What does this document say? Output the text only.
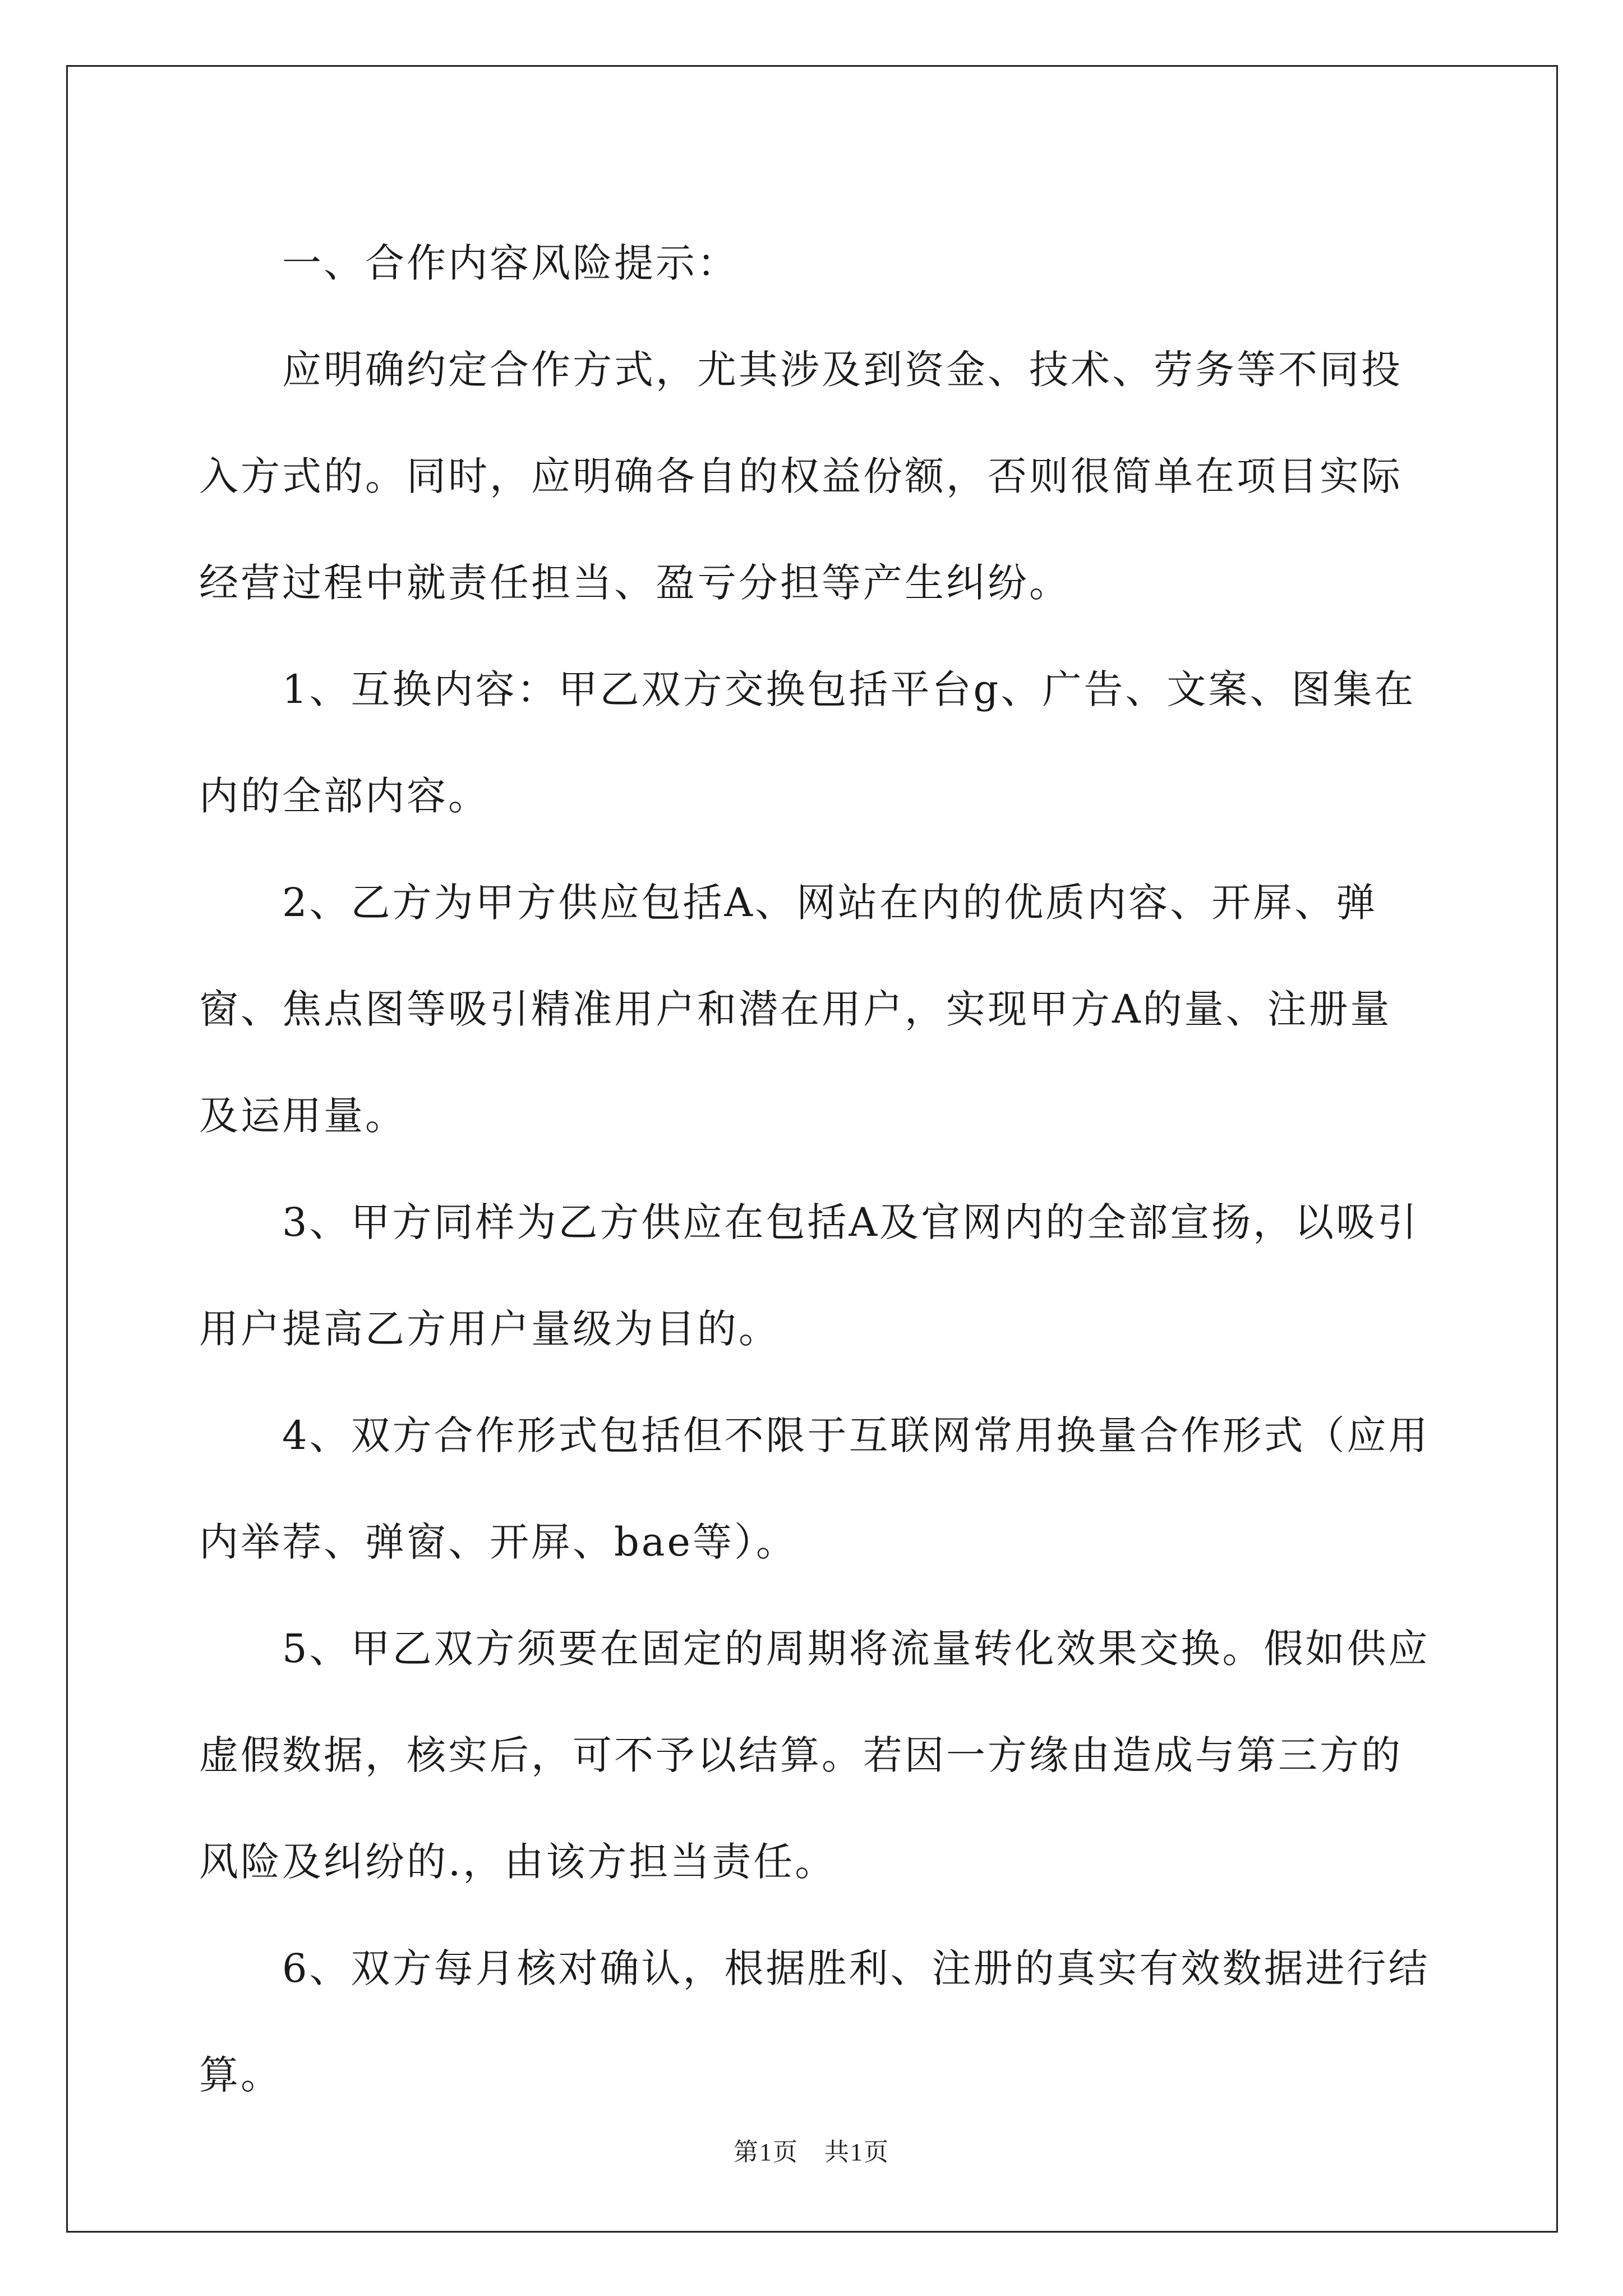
一、合作内容风险提示：

应明确约定合作方式，尤其涉及到资金、技术、劳务等不同投入方式的。同时，应明确各自的权益份额，否则很简单在项目实际经营过程中就责任担当、盈亏分担等产生纠纷。

1、互换内容：甲乙双方交换包括平台g、广告、文案、图集在内的全部内容。

2、乙方为甲方供应包括A、网站在内的优质内容、开屏、弹窗、焦点图等吸引精准用户和潜在用户，实现甲方A的量、注册量及运用量。

3、甲方同样为乙方供应在包括A及官网内的全部宣扬，以吸引用户提高乙方用户量级为目的。

4、双方合作形式包括但不限于互联网常用换量合作形式（应用内举荐、弹窗、开屏、bae等）。

5、甲乙双方须要在固定的周期将流量转化效果交换。假如供应虚假数据，核实后，可不予以结算。若因一方缘由造成与第三方的风险及纠纷的.，由该方担当责任。

6、双方每月核对确认，根据胜利、注册的真实有效数据进行结算。

第1页　共1页
